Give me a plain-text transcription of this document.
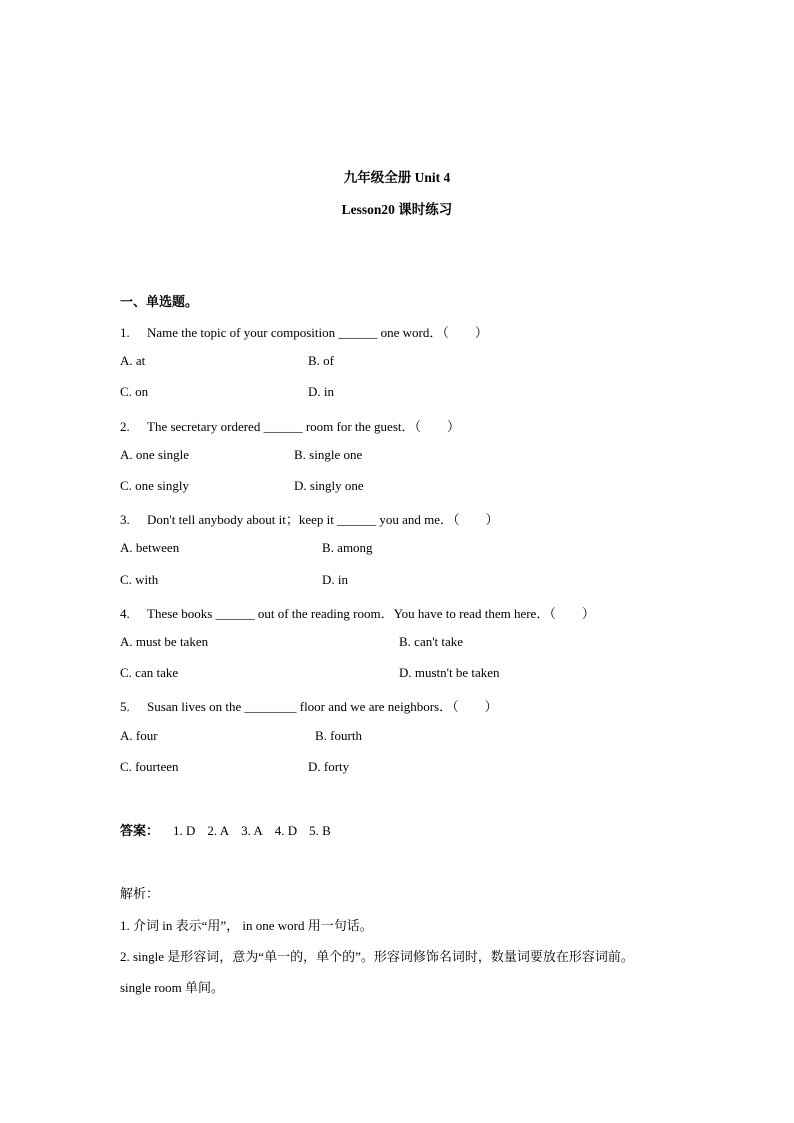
九年级全册 Unit 4
Lesson20 课时练习
一、单选题。
1. Name the topic of your composition ______ one word．（　　）
A. at	B. of
C. on	D. in
2. The secretary ordered ______ room for the guest．（　　）
A. one single	B. single one
C. one singly	D. singly one
3. Don't tell anybody about it；keep it ______ you and me．（　　）
A. between	B. among
C. with	D. in
4. These books ______ out of the reading room．You have to read them here．（　　）
A. must be taken	B. can't take
C. can take	D. mustn't be taken
5. Susan lives on the ________ floor and we are neighbors．（　　）
A. four	B. fourth
C. fourteen	D. forty
答案： 1. D 2. A 3. A 4. D 5. B
解析：
1. 介词 in 表示“用”， in one word 用一句话。
2. single 是形容词，意为“单一的，单个的”。形容词修饰名词时，数量词要放在形容词前。
single room 单间。
